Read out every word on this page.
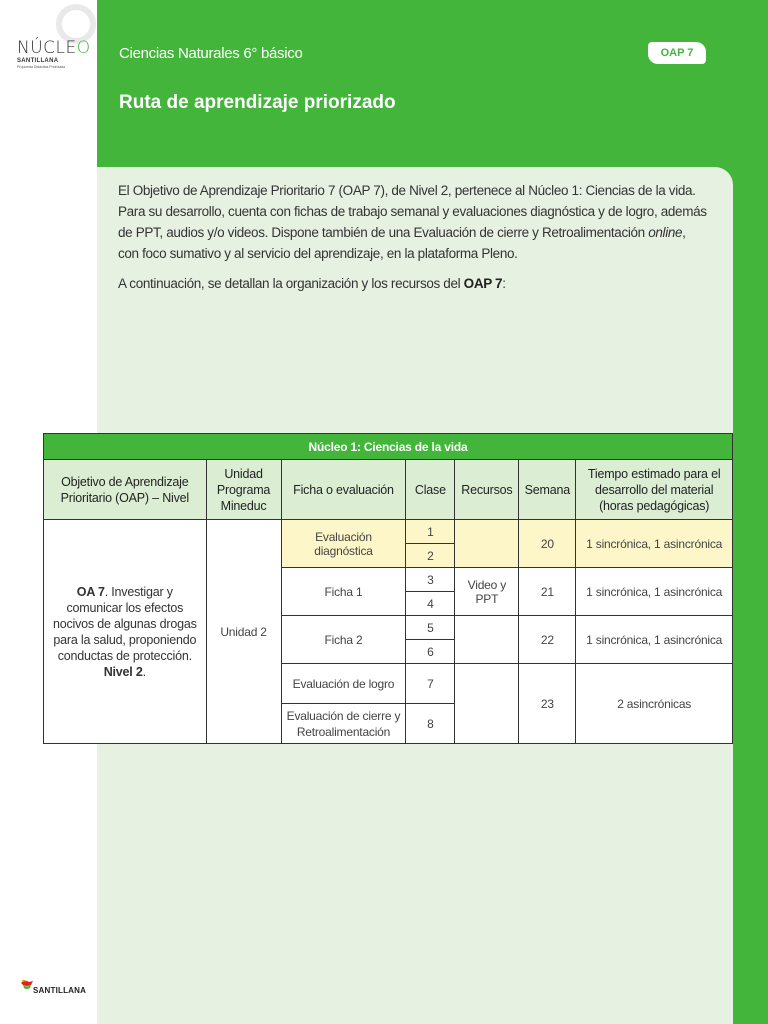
NÚCLEO
SANTILLANA
Propuesta Didáctica Priorizada
SANTILLANA
Ciencias Naturales 6° básico
Ruta de aprendizaje priorizado
OAP 7

El Objetivo de Aprendizaje Prioritario 7 (OAP 7), de Nivel 2, pertenece al Núcleo 1: Ciencias de la vida. Para su desarrollo, cuenta con fichas de trabajo semanal y evaluaciones diagnóstica y de logro, además de PPT, audios y/o videos. Dispone también de una Evaluación de cierre y Retroalimentación online, con foco sumativo y al servicio del aprendizaje, en la plataforma Pleno.

A continuación, se detallan la organización y los recursos del OAP 7:

Núcleo 1: Ciencias de la vida						
Objetivo de Aprendizaje Prioritario (OAP) – Nivel	Unidad Programa Mineduc	Ficha o evaluación	Clase	Recursos	Semana	Tiempo estimado para el desarrollo del material (horas pedagógicas)
OA 7. Investigar y comunicar los efectos nocivos de algunas drogas para la salud, proponiendo conductas de protección. Nivel 2.	Unidad 2	Evaluación diagnóstica	1		20	1 sincrónica, 1 asincrónica
			2			
		Ficha 1	3	Video y PPT	21	1 sincrónica, 1 asincrónica
			4			
		Ficha 2	5		22	1 sincrónica, 1 asincrónica
			6			
		Evaluación de logro	7		23	2 asincrónicas
		Evaluación de cierre y Retroalimentación	8			
